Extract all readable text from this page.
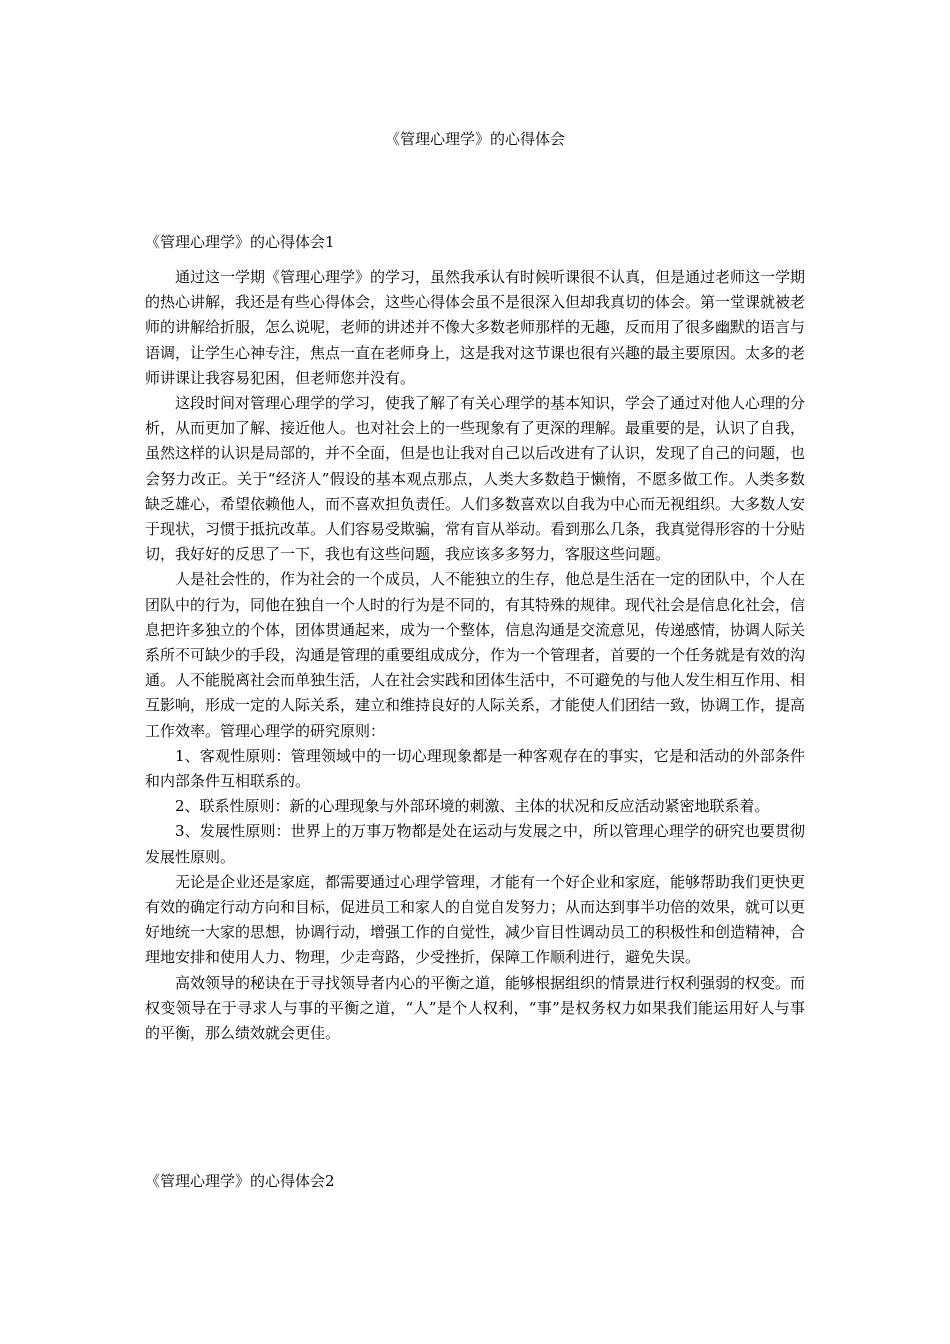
《管理心理学》的心得体会
《管理心理学》的心得体会1

通过这一学期《管理心理学》的学习，虽然我承认有时候听课很不认真，但是通过老师这一学期的热心讲解，我还是有些心得体会，这些心得体会虽不是很深入但却我真切的体会。第一堂课就被老师的讲解给折服，怎么说呢，老师的讲述并不像大多数老师那样的无趣，反而用了很多幽默的语言与语调，让学生心神专注，焦点一直在老师身上，这是我对这节课也很有兴趣的最主要原因。太多的老师讲课让我容易犯困，但老师您并没有。

这段时间对管理心理学的学习，使我了解了有关心理学的基本知识，学会了通过对他人心理的分析，从而更加了解、接近他人。也对社会上的一些现象有了更深的理解。最重要的是，认识了自我，虽然这样的认识是局部的，并不全面，但是也让我对自己以后改进有了认识，发现了自己的问题，也会努力改正。关于“经济人”假设的基本观点那点，人类大多数趋于懒惰，不愿多做工作。人类多数缺乏雄心，希望依赖他人，而不喜欢担负责任。人们多数喜欢以自我为中心而无视组织。大多数人安于现状，习惯于抵抗改革。人们容易受欺骗，常有盲从举动。看到那么几条，我真觉得形容的十分贴切，我好好的反思了一下，我也有这些问题，我应该多多努力，客服这些问题。

人是社会性的，作为社会的一个成员，人不能独立的生存，他总是生活在一定的团队中，个人在团队中的行为，同他在独自一个人时的行为是不同的，有其特殊的规律。现代社会是信息化社会，信息把许多独立的个体，团体贯通起来，成为一个整体，信息沟通是交流意见，传递感情，协调人际关系所不可缺少的手段，沟通是管理的重要组成成分，作为一个管理者，首要的一个任务就是有效的沟通。人不能脱离社会而单独生活，人在社会实践和团体生活中，不可避免的与他人发生相互作用、相互影响，形成一定的人际关系，建立和维持良好的人际关系，才能使人们团结一致，协调工作，提高工作效率。管理心理学的研究原则：

1、客观性原则：管理领域中的一切心理现象都是一种客观存在的事实，它是和活动的外部条件和内部条件互相联系的。

2、联系性原则：新的心理现象与外部环境的刺激、主体的状况和反应活动紧密地联系着。

3、发展性原则：世界上的万事万物都是处在运动与发展之中，所以管理心理学的研究也要贯彻发展性原则。

无论是企业还是家庭，都需要通过心理学管理，才能有一个好企业和家庭，能够帮助我们更快更有效的确定行动方向和目标，促进员工和家人的自觉自发努力；从而达到事半功倍的效果，就可以更好地统一大家的思想，协调行动，增强工作的自觉性，减少盲目性调动员工的积极性和创造精神，合理地安排和使用人力、物理，少走弯路，少受挫折，保障工作顺利进行，避免失误。

高效领导的秘诀在于寻找领导者内心的平衡之道，能够根据组织的情景进行权利强弱的权变。而权变领导在于寻求人与事的平衡之道，“人”是个人权利，“事”是权务权力如果我们能运用好人与事的平衡，那么绩效就会更佳。

《管理心理学》的心得体会2
